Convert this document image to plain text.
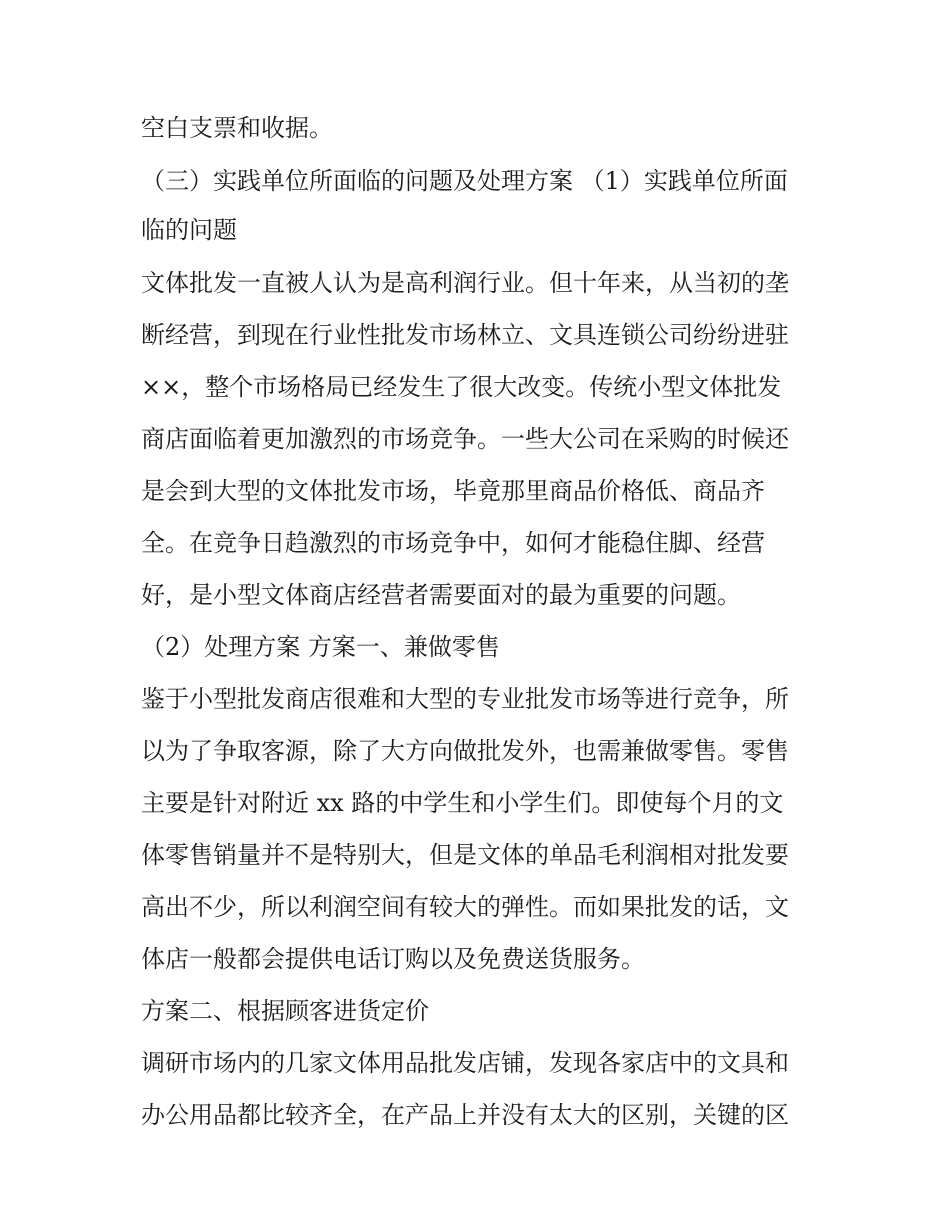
空白支票和收据。

（三）实践单位所面临的问题及处理方案 （1）实践单位所面

临的问题

文体批发一直被人认为是高利润行业。但十年来，从当初的垄

断经营，到现在行业性批发市场林立、文具连锁公司纷纷进驻

××，整个市场格局已经发生了很大改变。传统小型文体批发

商店面临着更加激烈的市场竞争。一些大公司在采购的时候还

是会到大型的文体批发市场，毕竟那里商品价格低、商品齐

全。在竞争日趋激烈的市场竞争中，如何才能稳住脚、经营

好，是小型文体商店经营者需要面对的最为重要的问题。

（2）处理方案 方案一、兼做零售

鉴于小型批发商店很难和大型的专业批发市场等进行竞争，所

以为了争取客源，除了大方向做批发外，也需兼做零售。零售

主要是针对附近 xx 路的中学生和小学生们。即使每个月的文

体零售销量并不是特别大，但是文体的单品毛利润相对批发要

高出不少，所以利润空间有较大的弹性。而如果批发的话，文

体店一般都会提供电话订购以及免费送货服务。

方案二、根据顾客进货定价

调研市场内的几家文体用品批发店铺，发现各家店中的文具和

办公用品都比较齐全，在产品上并没有太大的区别，关键的区
